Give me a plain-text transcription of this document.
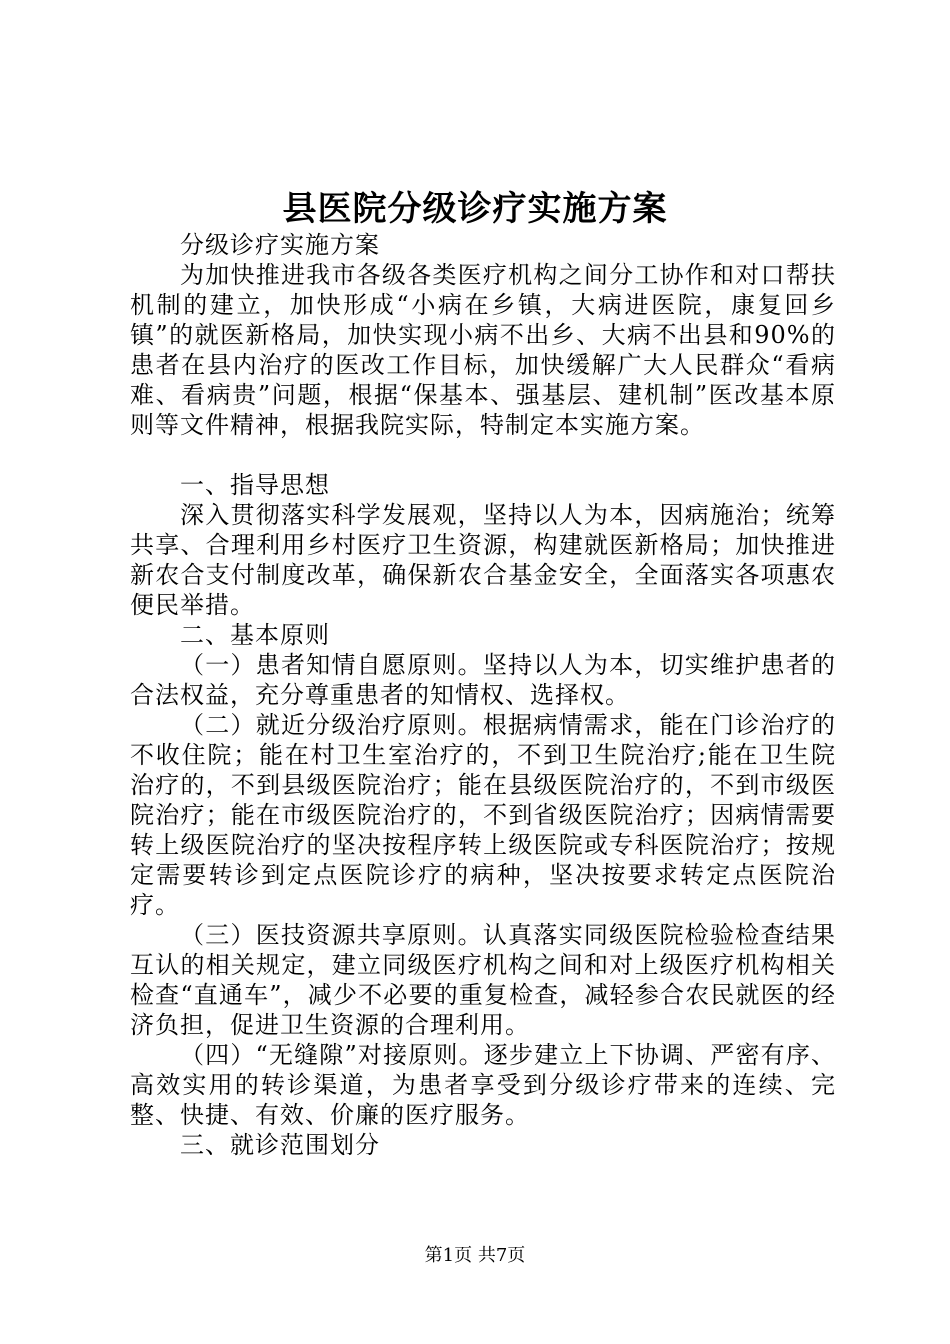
县医院分级诊疗实施方案

分级诊疗实施方案

为加快推进我市各级各类医疗机构之间分工协作和对口帮扶机制的建立，加快形成“小病在乡镇，大病进医院，康复回乡镇”的就医新格局，加快实现小病不出乡、大病不出县和90%的患者在县内治疗的医改工作目标，加快缓解广大人民群众“看病难、看病贵”问题，根据“保基本、强基层、建机制”医改基本原则等文件精神，根据我院实际，特制定本实施方案。

一、指导思想

深入贯彻落实科学发展观，坚持以人为本，因病施治；统筹共享、合理利用乡村医疗卫生资源，构建就医新格局；加快推进新农合支付制度改革，确保新农合基金安全，全面落实各项惠农便民举措。

二、基本原则

（一）患者知情自愿原则。坚持以人为本，切实维护患者的合法权益，充分尊重患者的知情权、选择权。

（二）就近分级治疗原则。根据病情需求，能在门诊治疗的不收住院；能在村卫生室治疗的，不到卫生院治疗;能在卫生院治疗的，不到县级医院治疗；能在县级医院治疗的，不到市级医院治疗；能在市级医院治疗的，不到省级医院治疗；因病情需要转上级医院治疗的坚决按程序转上级医院或专科医院治疗；按规定需要转诊到定点医院诊疗的病种，坚决按要求转定点医院治疗。

（三）医技资源共享原则。认真落实同级医院检验检查结果互认的相关规定，建立同级医疗机构之间和对上级医疗机构相关检查“直通车”，减少不必要的重复检查，减轻参合农民就医的经济负担，促进卫生资源的合理利用。

（四）“无缝隙”对接原则。逐步建立上下协调、严密有序、高效实用的转诊渠道，为患者享受到分级诊疗带来的连续、完整、快捷、有效、价廉的医疗服务。

三、就诊范围划分

第1页 共7页
